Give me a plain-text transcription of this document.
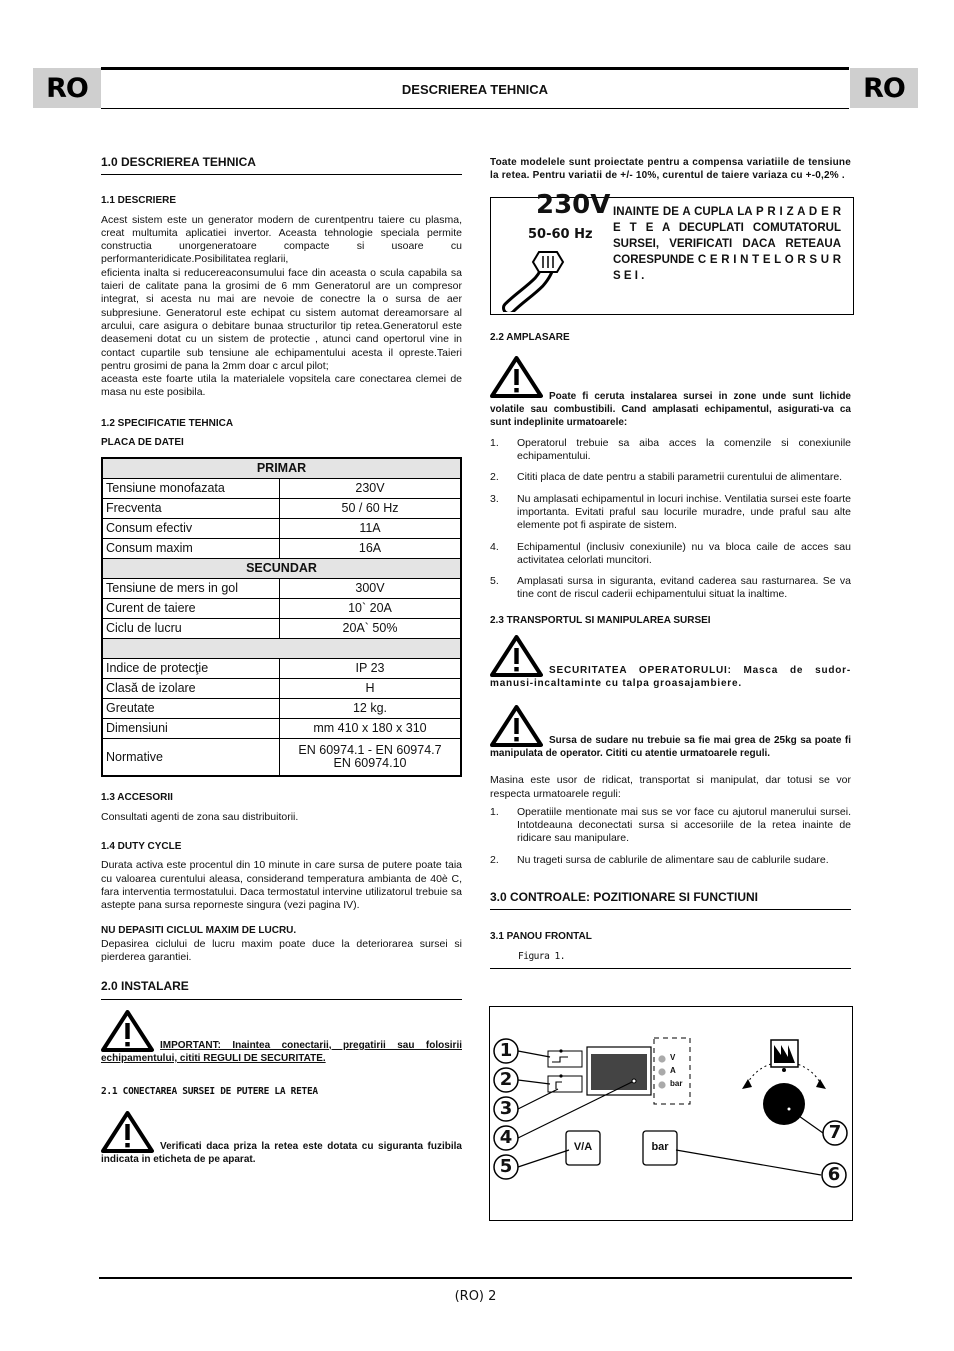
RO	DESCRIEREA TEHNICA	RO
1.0 DESCRIEREA TEHNICA
1.1 DESCRIERE

Acest sistem este un generator modern de curentpentru taiere cu plasma, creat multumita aplicatiei invertor. Aceasta tehnologie speciala permite constructia unorgeneratoare compacte si usoare cu performanteridicate.Posibilitatea reglarii,

eficienta inalta si reducereaconsumului face din aceasta o scula capabila sa taieri de calitate pana la grosimi de 6 mm Generatorul are un compresor integrat, si acesta nu mai are nevoie de conectre la o sursa de aer subpresiune. Generatorul este echipat cu sistem automat dereamorsare al arcului, care asigura o debitare bunaa structurilor tip retea.Generatorul este deasemeni dotat cu un sistem de protectie , atunci cand opertorul vine in contact cupartile sub tensiune ale echipamentului acesta il opreste.Taieri pentru grosimi de pana la 2mm doar c arcul pilot;

aceasta este foarte utila la materialele vopsitela care conectarea clemei de masa nu este posibila.

1.2 SPECIFICATIE TEHNICA
PLACA DE DATEI
PRIMAR	
Tensiune monofazata	230V
Frecventa	50 / 60 Hz
Consum efectiv	11A
Consum maxim	16A
SECUNDAR	
Tensiune de mers in gol	300V
Curent de taiere	10` 20A
Ciclu de lucru	20A` 50%

Indice de protecţie	IP 23
Clasă de izolare	H
Greutate	12 kg.
Dimensiuni	mm 410 x 180 x 310
Normative	EN 60974.1 - EN 60974.7
EN 60974.10
1.3 ACCESORII

Consultati agenti de zona sau distribuitorii.

1.4 DUTY CYCLE

Durata activa este procentul din 10 minute in care sursa de putere poate taia cu valoarea curentului aleasa, considerand temperatura ambianta de 40è C, fara interventia termostatului. Daca termostatul intervine utilizatorul trebuie sa astepte pana sursa reporneste singura (vezi pagina IV).

NU DEPASITI CICLUL MAXIM DE LUCRU.

Depasirea ciclului de lucru maxim poate duce la deteriorarea sursei si pierderea garantiei.

2.0 INSTALARE

IMPORTANT: Inaintea conectarii, pregatirii sau folosirii echipamentului, cititi REGULI DE SECURITATE.

2.1 CONECTAREA SURSEI DE PUTERE LA RETEA

Verificati daca priza la retea este dotata cu siguranta fuzibila indicata in eticheta de pe aparat.

Toate modelele sunt proiectate pentru a compensa variatiile de tensiune la retea. Pentru variatii de +/- 10%, curentul de taiere variaza cu +-0,2% .

230V
50-60 Hz
INAINTE DE A CUPLA LA P R I Z A D E R E T E A DECUPLATI COMUTATORUL SURSEI, VERIFICATI DACA RETEAUA CORESPUNDE C E R I N T E L O R S U R S E I .
2.2 AMPLASARE

Poate fi ceruta instalarea sursei in zone unde sunt lichide volatile sau combustibili. Cand amplasati echipamentul, asigurati-va ca sunt indeplinite urmatoarele:

1.	Operatorul trebuie sa aiba acces la comenzile si conexiunile echipamentului.
2.	Cititi placa de date pentru a stabili parametrii curentului de alimentare.
3.	Nu amplasati echipamentul in locuri inchise. Ventilatia sursei este foarte importanta. Evitati praful sau locurile muradre, unde praful sau alte elemente pot fi aspirate de sistem.
4.	Echipamentul (inclusiv conexiunile) nu va bloca caile de acces sau activitatea celorlati muncitori.
5.	Amplasati sursa in siguranta, evitand caderea sau rasturnarea. Se va tine cont de riscul caderii echipamentului situat la inaltime.
2.3 TRANSPORTUL SI MANIPULAREA SURSEI

SECURITATEA OPERATORULUI: Masca de sudor-manusi-incaltaminte cu talpa groasajambiere.

Sursa de sudare nu trebuie sa fie mai grea de 25kg sa poate fi manipulata de operator. Cititi cu atentie urmatoarele reguli.

Masina este usor de ridicat, transportat si manipulat, dar totusi se vor respecta urmatoarele reguli:

1.	Operatiile mentionate mai sus se vor face cu ajutorul manerului sursei. Intotdeauna deconectati sursa si accesoriile de la retea inainte de ridicare sau manipulare.
2.	Nu trageti sursa de cablurile de alimentare sau de cablurile sudare.
3.0 CONTROALE: POZITIONARE SI FUNCTIUNI
3.1 PANOU FRONTAL
Figura 1.
V
A
bar
V/A	bar
1
2
3
4
5	6
7
(RO) 2
